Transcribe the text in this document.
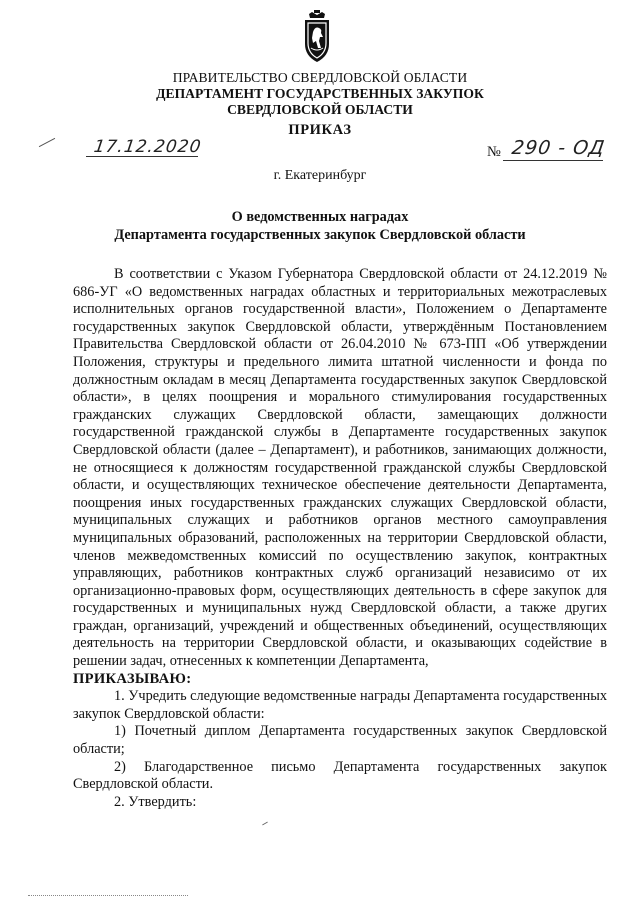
ПРАВИТЕЛЬСТВО СВЕРДЛОВСКОЙ ОБЛАСТИ
ДЕПАРТАМЕНТ ГОСУДАРСТВЕННЫХ ЗАКУПОК
СВЕРДЛОВСКОЙ ОБЛАСТИ
ПРИКАЗ
17.12.2020	№ 290 - ОД
г. Екатеринбург
О ведомственных наградах
Департамента государственных закупок Свердловской области

В соответствии с Указом Губернатора Свердловской области от 24.12.2019 № 686-УГ «О ведомственных наградах областных и территориальных межотраслевых исполнительных органов государственной власти», Положением о Департаменте государственных закупок Свердловской области, утверждённым Постановлением Правительства Свердловской области от 26.04.2010 № 673-ПП «Об утверждении Положения, структуры и предельного лимита штатной численности и фонда по должностным окладам в месяц Департамента государственных закупок Свердловской области», в целях поощрения и морального стимулирования государственных гражданских служащих Свердловской области, замещающих должности государственной гражданской службы в Департаменте государственных закупок Свердловской области (далее – Департамент), и работников, занимающих должности, не относящиеся к должностям государственной гражданской службы Свердловской области, и осуществляющих техническое обеспечение деятельности Департамента, поощрения иных государственных гражданских служащих Свердловской области, муниципальных служащих и работников органов местного самоуправления муниципальных образований, расположенных на территории Свердловской области, членов межведомственных комиссий по осуществлению закупок, контрактных управляющих, работников контрактных служб организаций независимо от их организационно-правовых форм, осуществляющих деятельность в сфере закупок для государственных и муниципальных нужд Свердловской области, а также других граждан, организаций, учреждений и общественных объединений, осуществляющих деятельность на территории Свердловской области, и оказывающих содействие в решении задач, отнесенных к компетенции Департамента,

ПРИКАЗЫВАЮ:

1. Учредить следующие ведомственные награды Департамента государственных закупок Свердловской области:

1) Почетный диплом Департамента государственных закупок Свердловской области;

2) Благодарственное письмо Департамента государственных закупок Свердловской области.

2. Утвердить:
